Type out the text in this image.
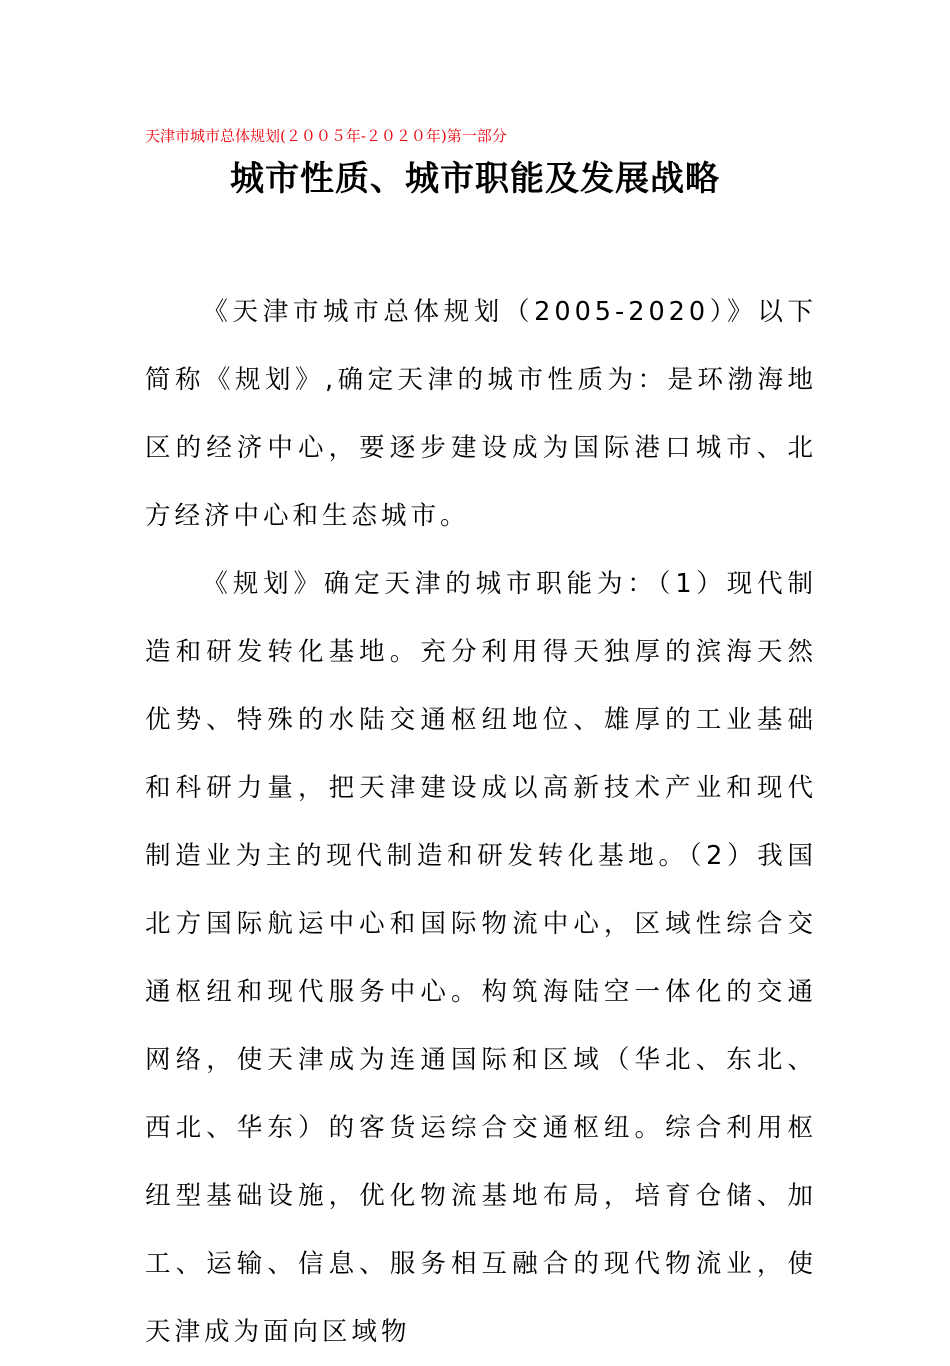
天津市城市总体规划(２００５年-２０２０年)第一部分
城市性质、城市职能及发展战略

《天津市城市总体规划（2005-2020）》以下简称《规划》,确定天津的城市性质为：是环渤海地区的经济中心，要逐步建设成为国际港口城市、北方经济中心和生态城市。

《规划》确定天津的城市职能为：（1）现代制造和研发转化基地。充分利用得天独厚的滨海天然优势、特殊的水陆交通枢纽地位、雄厚的工业基础和科研力量，把天津建设成以高新技术产业和现代制造业为主的现代制造和研发转化基地。（2）我国北方国际航运中心和国际物流中心，区域性综合交通枢纽和现代服务中心。构筑海陆空一体化的交通网络，使天津成为连通国际和区域（华北、东北、西北、华东）的客货运综合交通枢纽。综合利用枢纽型基础设施，优化物流基地布局，培育仓储、加工、运输、信息、服务相互融合的现代物流业，使天津成为面向区域物
